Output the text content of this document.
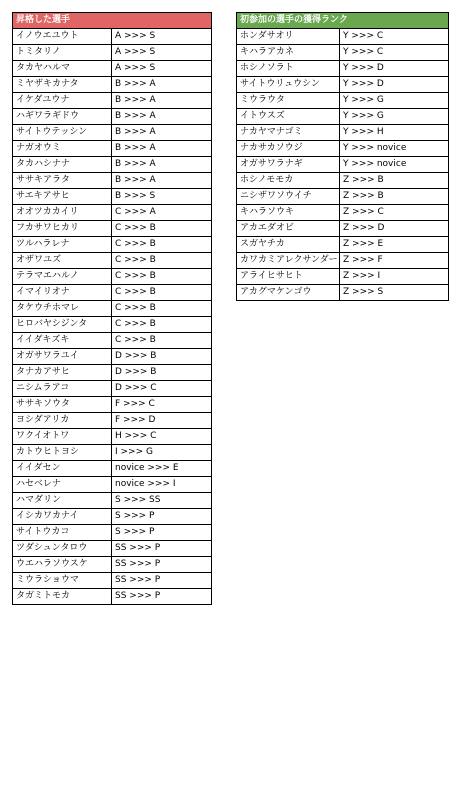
昇格した選手	
イノウエユウト	A >>> S
トミタリノ	A >>> S
タカヤハルマ	A >>> S
ミヤザキカナタ	B >>> A
イケダユウナ	B >>> A
ハギワラギドウ	B >>> A
サイトウテッシン	B >>> A
ナガオウミ	B >>> A
タカハシナナ	B >>> A
ササキアラタ	B >>> A
サエキアサヒ	B >>> S
オオツカカイリ	C >>> A
フカサワヒカリ	C >>> B
ツルハラレナ	C >>> B
オザワユズ	C >>> B
テラマエハルノ	C >>> B
イマイリオナ	C >>> B
タケウチホマレ	C >>> B
ヒロバヤシジンタ	C >>> B
イイダキズキ	C >>> B
オガサワラユイ	D >>> B
タナカアサヒ	D >>> B
ニシムラアコ	D >>> C
ササキソウタ	F >>> C
ヨシダアリカ	F >>> D
ワクイオトワ	H >>> C
カトウヒトヨシ	I >>> G
イイダセン	novice >>> E
ハセベレナ	novice >>> I
ハマダリン	S >>> SS
イシカワカナイ	S >>> P
サイトウカコ	S >>> P
ツダシュンタロウ	SS >>> P
ウエハラソウスケ	SS >>> P
ミウラショウマ	SS >>> P
タガミトモカ	SS >>> P
初参加の選手の獲得ランク	
ホンダサオリ	Y >>> C
キハラアカネ	Y >>> C
ホシノソラト	Y >>> D
サイトウリュウシン	Y >>> D
ミウラウタ	Y >>> G
イトウスズ	Y >>> G
ナカヤマナゴミ	Y >>> H
ナカサカソウジ	Y >>> novice
オガサワラナギ	Y >>> novice
ホシノモモカ	Z >>> B
ニシザワソウイチ	Z >>> B
キハラソウキ	Z >>> C
アカエダオビ	Z >>> D
スガヤチカ	Z >>> E
カワカミアレクサンダー	Z >>> F
アライヒサヒト	Z >>> I
アカグマケンゴウ	Z >>> S
